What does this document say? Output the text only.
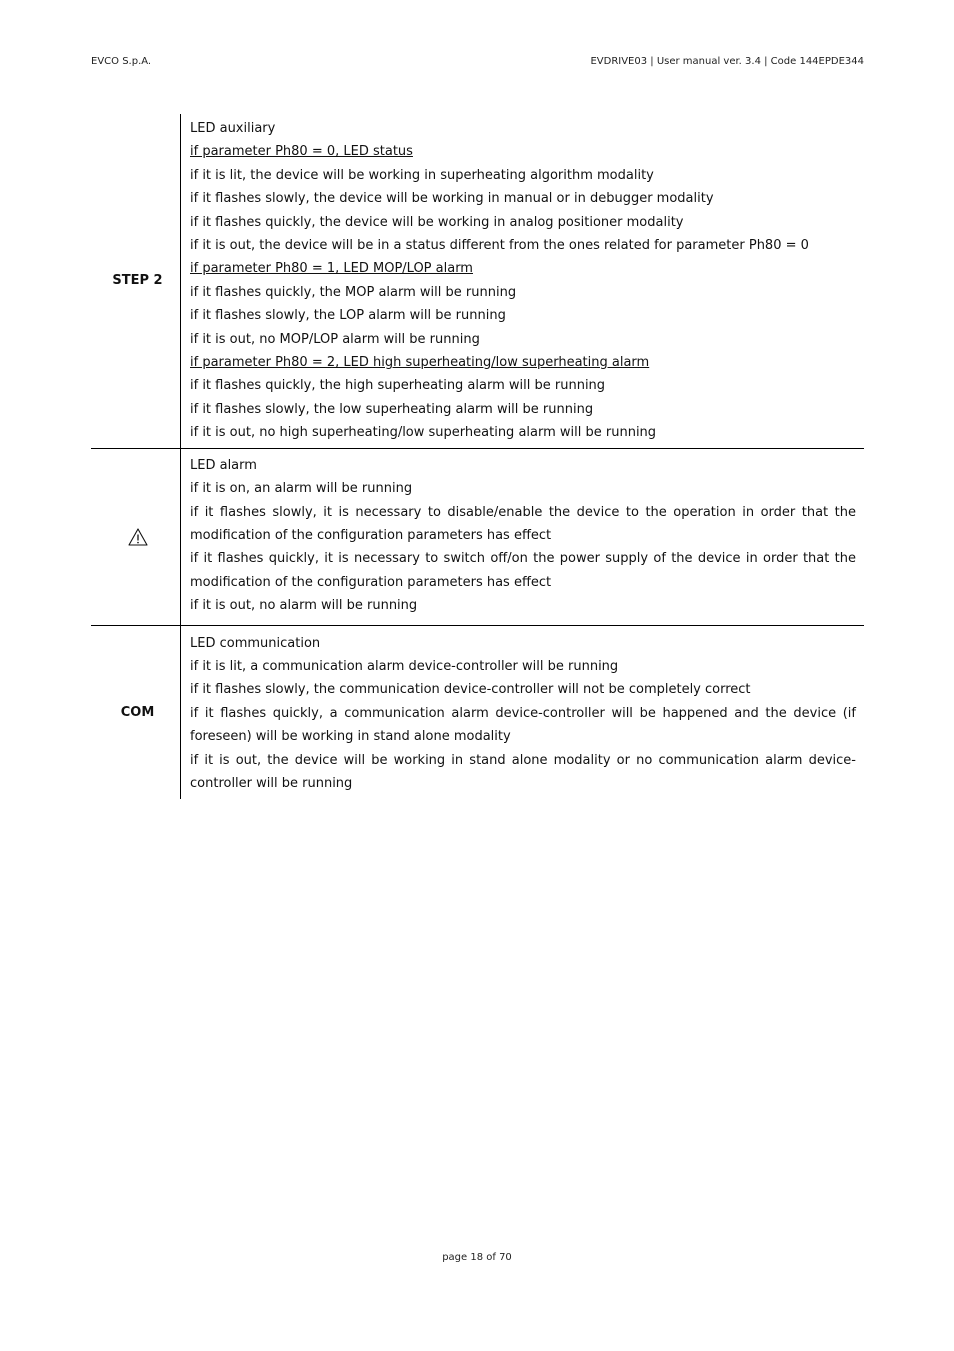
EVCO S.p.A.	EVDRIVE03 | User manual ver. 3.4 | Code 144EPDE344
STEP 2
LED auxiliary
if parameter Ph80 = 0, LED status
if it is lit, the device will be working in superheating algorithm modality
if it flashes slowly, the device will be working in manual or in debugger modality
if it flashes quickly, the device will be working in analog positioner modality
if it is out, the device will be in a status different from the ones related for parameter Ph80 = 0
if parameter Ph80 = 1, LED MOP/LOP alarm
if it flashes quickly, the MOP alarm will be running
if it flashes slowly, the LOP alarm will be running
if it is out, no MOP/LOP alarm will be running
if parameter Ph80 = 2, LED high superheating/low superheating alarm
if it flashes quickly, the high superheating alarm will be running
if it flashes slowly, the low superheating alarm will be running
if it is out, no high superheating/low superheating alarm will be running
LED alarm
if it is on, an alarm will be running
if it flashes slowly, it is necessary to disable/enable the device to the operation in order that the modification of the configuration parameters has effect
if it flashes quickly, it is necessary to switch off/on the power supply of the device in order that the modification of the configuration parameters has effect
if it is out, no alarm will be running
COM
LED communication
if it is lit, a communication alarm device-controller will be running
if it flashes slowly, the communication device-controller will not be completely correct
if it flashes quickly, a communication alarm device-controller will be happened and the device (if foreseen) will be working in stand alone modality
if it is out, the device will be working in stand alone modality or no communication alarm device-controller will be running
page 18 of 70
